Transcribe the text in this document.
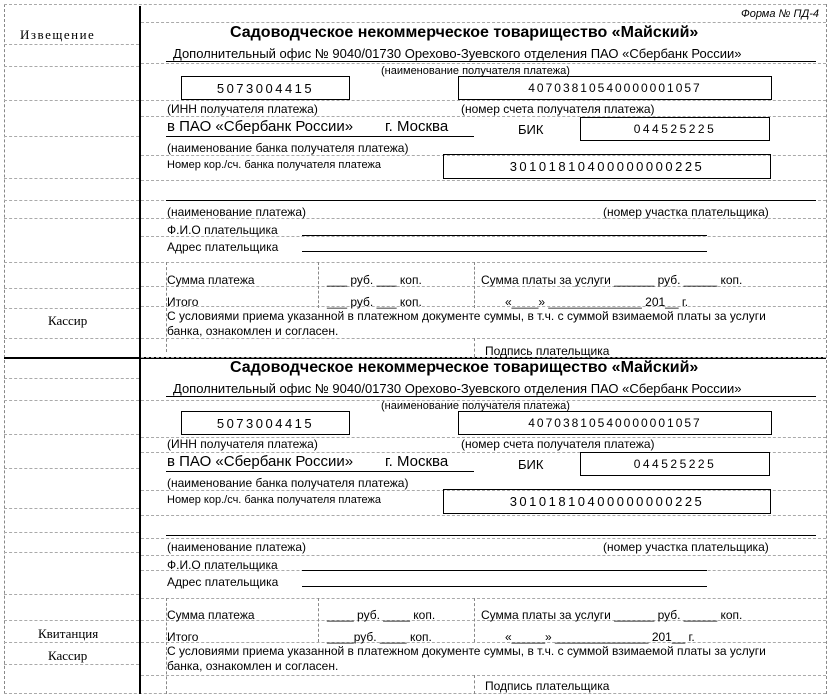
Форма № ПД-4
Извещение
Кассир
Квитанция
Кассир
Садоводческое некоммерческое товарищество «Майский»
Дополнительный офис № 9040/01730 Орехово-Зуевского отделения ПАО «Сбербанк России»
(наименование получателя платежа)
5073004415	40703810540000001057
(ИНН получателя платежа)	(номер счета получателя платежа)
в ПАО «Сбербанк России» г. Москва	БИК	044525225
(наименование банка получателя платежа)
Номер кор./сч. банка получателя платежа	30101810400000000225
(наименование платежа)	(номер участка плательщика)
Ф.И.О плательщика
Адрес плательщика
Сумма платежа	___ руб. ___ коп.	Сумма платы за услуги ______ руб. _____ коп.
Итого	___ руб. ___ коп.	«____» ______________ 201__ г.
С условиями приема указанной в платежном документе суммы, в т.ч. с суммой взимаемой платы за услуги
банка, ознакомлен и согласен.
Подпись плательщика
Садоводческое некоммерческое товарищество «Майский»
Дополнительный офис № 9040/01730 Орехово-Зуевского отделения ПАО «Сбербанк России»
(наименование получателя платежа)
5073004415	40703810540000001057
(ИНН получателя платежа)	(номер счета получателя платежа)
в ПАО «Сбербанк России» г. Москва	БИК	044525225
(наименование банка получателя платежа)
Номер кор./сч. банка получателя платежа	30101810400000000225
(наименование платежа)	(номер участка плательщика)
Ф.И.О плательщика
Адрес плательщика
Сумма платежа	____ руб. ____ коп.	Сумма платы за услуги ______ руб. _____ коп.
Итого	____руб. ____ коп.	«_____» ______________ 201__ г.
С условиями приема указанной в платежном документе суммы, в т.ч. с суммой взимаемой платы за услуги
банка, ознакомлен и согласен.
Подпись плательщика
